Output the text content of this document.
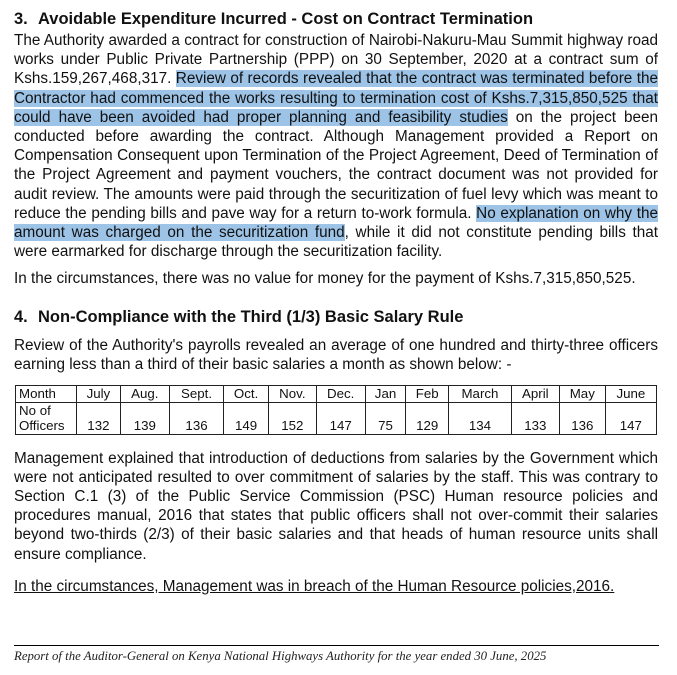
3. Avoidable Expenditure Incurred - Cost on Contract Termination

The Authority awarded a contract for construction of Nairobi-Nakuru-Mau Summit highway road works under Public Private Partnership (PPP) on 30 September, 2020 at a contract sum of Kshs.159,267,468,317. Review of records revealed that the contract was terminated before the Contractor had commenced the works resulting to termination cost of Kshs.7,315,850,525 that could have been avoided had proper planning and feasibility studies on the project been conducted before awarding the contract. Although Management provided a Report on Compensation Consequent upon Termination of the Project Agreement, Deed of Termination of the Project Agreement and payment vouchers, the contract document was not provided for audit review. The amounts were paid through the securitization of fuel levy which was meant to reduce the pending bills and pave way for a return to-work formula. No explanation on why the amount was charged on the securitization fund, while it did not constitute pending bills that were earmarked for discharge through the securitization facility.

In the circumstances, there was no value for money for the payment of Kshs.7,315,850,525.

4. Non-Compliance with the Third (1/3) Basic Salary Rule

Review of the Authority's payrolls revealed an average of one hundred and thirty-three officers earning less than a third of their basic salaries a month as shown below: -

Month	July	Aug.	Sept.	Oct.	Nov.	Dec.	Jan	Feb	March	April	May	June
No of
Officers	132	139	136	149	152	147	75	129	134	133	136	147

Management explained that introduction of deductions from salaries by the Government which were not anticipated resulted to over commitment of salaries by the staff. This was contrary to Section C.1 (3) of the Public Service Commission (PSC) Human resource policies and procedures manual, 2016 that states that public officers shall not over-commit their salaries beyond two-thirds (2/3) of their basic salaries and that heads of human resource units shall ensure compliance.

In the circumstances, Management was in breach of the Human Resource policies,2016.

Report of the Auditor-General on Kenya National Highways Authority for the year ended 30 June, 2025
